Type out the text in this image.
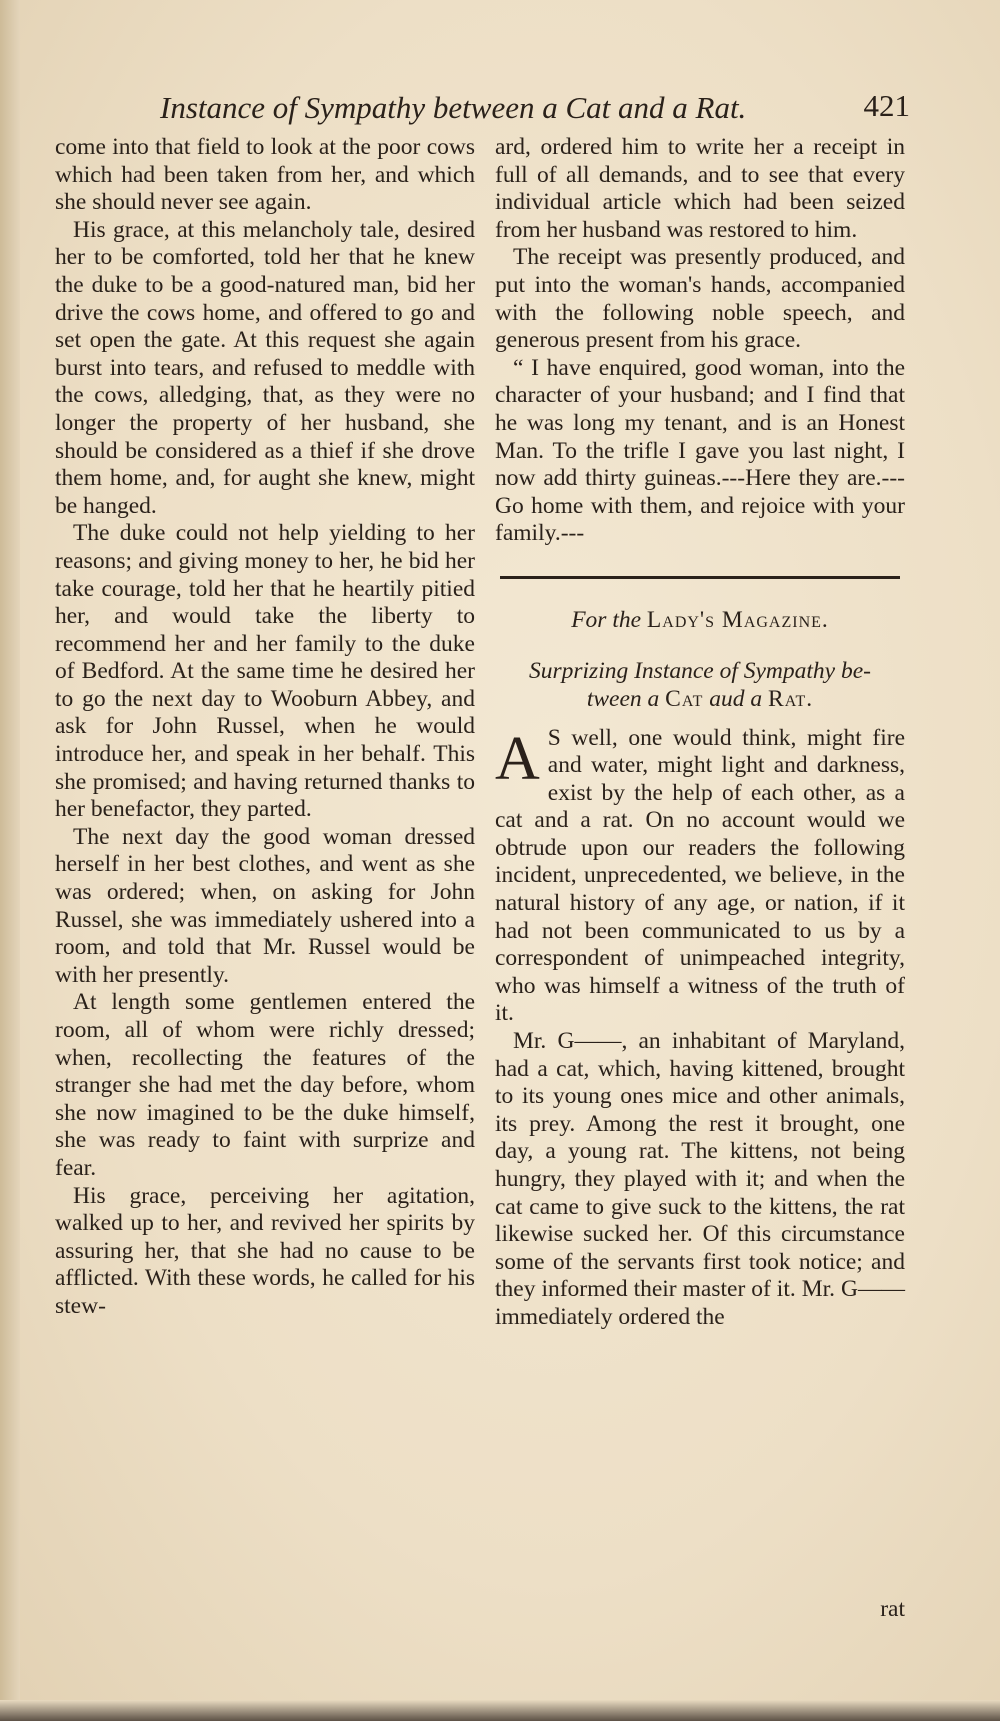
Instance of Sympathy between a Cat and a Rat.	421

come into that field to look at the poor cows which had been taken from her, and which she should never see again.

His grace, at this melancholy tale, desired her to be comforted, told her that he knew the duke to be a good-natured man, bid her drive the cows home, and offered to go and set open the gate. At this request she again burst into tears, and refused to meddle with the cows, alledging, that, as they were no longer the property of her husband, she should be considered as a thief if she drove them home, and, for aught she knew, might be hanged.

The duke could not help yielding to her reasons; and giving money to her, he bid her take courage, told her that he heartily pitied her, and would take the liberty to recommend her and her family to the duke of Bedford. At the same time he desired her to go the next day to Wooburn Abbey, and ask for John Russel, when he would introduce her, and speak in her behalf. This she promised; and having returned thanks to her benefactor, they parted.

The next day the good woman dressed herself in her best clothes, and went as she was ordered; when, on asking for John Russel, she was immediately ushered into a room, and told that Mr. Russel would be with her presently.

At length some gentlemen entered the room, all of whom were richly dressed; when, recollecting the features of the stranger she had met the day before, whom she now imagined to be the duke himself, she was ready to faint with surprize and fear.

His grace, perceiving her agitation, walked up to her, and revived her spirits by assuring her, that she had no cause to be afflicted. With these words, he called for his stew-

ard, ordered him to write her a receipt in full of all demands, and to see that every individual article which had been seized from her husband was restored to him.

The receipt was presently produced, and put into the woman's hands, accompanied with the following noble speech, and generous present from his grace.

“ I have enquired, good woman, into the character of your husband; and I find that he was long my tenant, and is an Honest Man. To the trifle I gave you last night, I now add thirty guineas.---Here they are.---Go home with them, and rejoice with your family.---

For the Lady's Magazine.
Surprizing Instance of Sympathy be-
tween a Cat aud a Rat.

A S well, one would think, might fire and water, might light and darkness, exist by the help of each other, as a cat and a rat. On no account would we obtrude upon our readers the following incident, unprecedented, we believe, in the natural history of any age, or nation, if it had not been communicated to us by a correspondent of unimpeached integrity, who was himself a witness of the truth of it.

Mr. G——, an inhabitant of Maryland, had a cat, which, having kittened, brought to its young ones mice and other animals, its prey. Among the rest it brought, one day, a young rat. The kittens, not being hungry, they played with it; and when the cat came to give suck to the kittens, the rat likewise sucked her. Of this circumstance some of the servants first took notice; and they informed their master of it. Mr. G—— immediately ordered the

rat
